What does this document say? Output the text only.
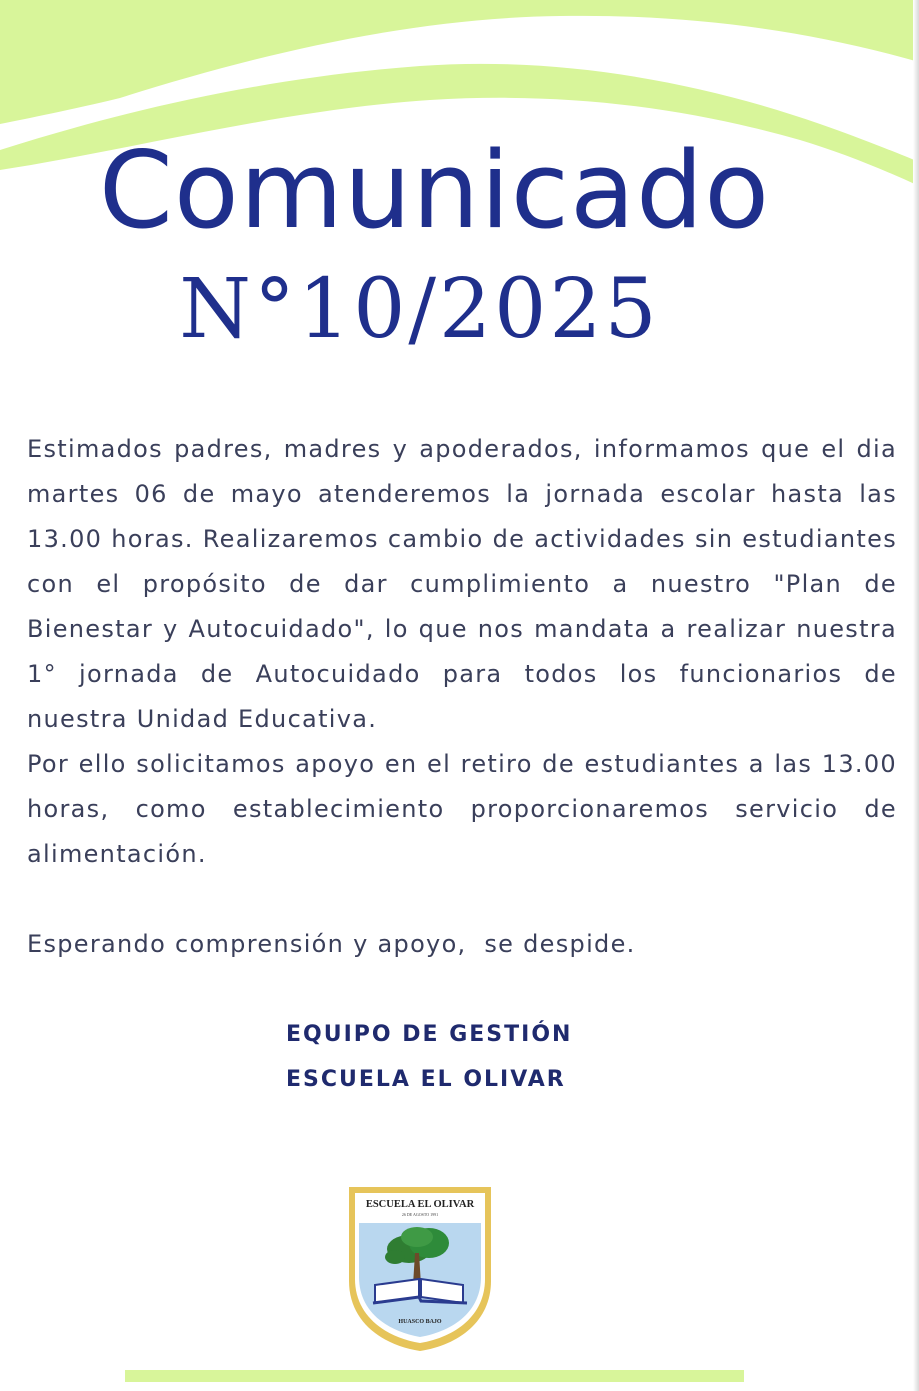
Comunicado
N°10/2025

Estimados padres, madres y apoderados, informamos que el dia martes 06 de mayo atenderemos la jornada escolar hasta las 13.00 horas. Realizaremos cambio de actividades sin estudiantes con el propósito de dar cumplimiento a nuestro "Plan de Bienestar y Autocuidado", lo que nos mandata a realizar nuestra 1° jornada de Autocuidado para todos los funcionarios de nuestra Unidad Educativa.

Por ello solicitamos apoyo en el retiro de estudiantes a las 13.00 horas, como establecimiento proporcionaremos servicio de alimentación.

Esperando comprensión y apoyo,  se despide.
EQUIPO DE GESTIÓN
ESCUELA EL OLIVAR
ESCUELA EL OLIVAR
26 DE AGOSTO 1991
HUASCO BAJO
